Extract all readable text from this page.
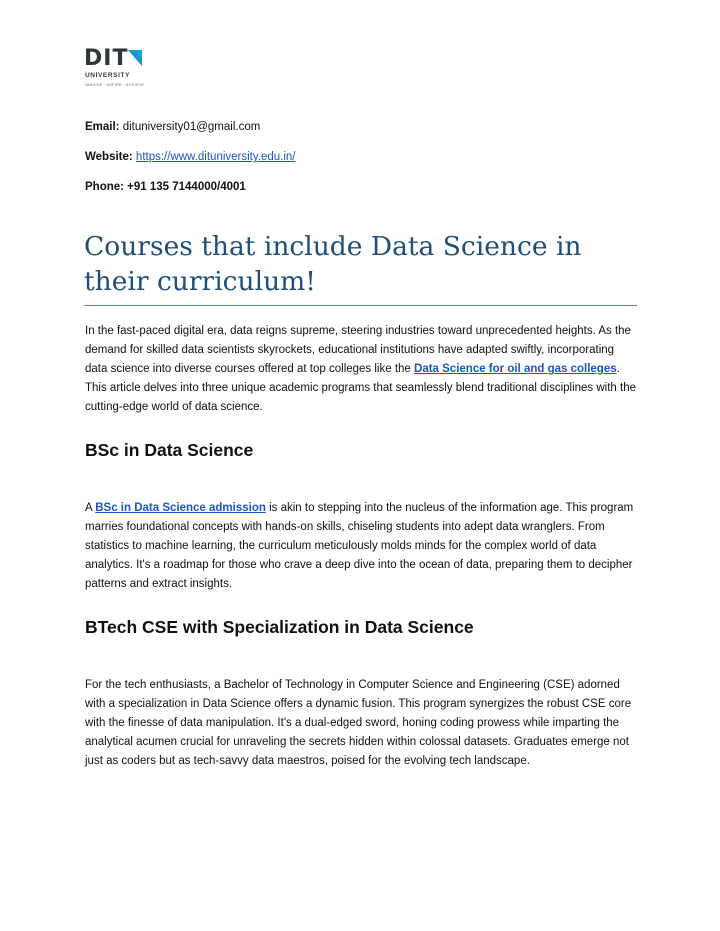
DIT
UNIVERSITY
IMAGINE · ASPIRE · ACHIEVE
Email: dituniversity01@gmail.com
Website: https://www.dituniversity.edu.in/
Phone: +91 135 7144000/4001
Courses that include Data Science in their curriculum!

In the fast-paced digital era, data reigns supreme, steering industries toward unprecedented heights. As the demand for skilled data scientists skyrockets, educational institutions have adapted swiftly, incorporating data science into diverse courses offered at top colleges like the Data Science for oil and gas colleges. This article delves into three unique academic programs that seamlessly blend traditional disciplines with the cutting-edge world of data science.

BSc in Data Science

A BSc in Data Science admission is akin to stepping into the nucleus of the information age. This program marries foundational concepts with hands-on skills, chiseling students into adept data wranglers. From statistics to machine learning, the curriculum meticulously molds minds for the complex world of data analytics. It's a roadmap for those who crave a deep dive into the ocean of data, preparing them to decipher patterns and extract insights.

BTech CSE with Specialization in Data Science

For the tech enthusiasts, a Bachelor of Technology in Computer Science and Engineering (CSE) adorned with a specialization in Data Science offers a dynamic fusion. This program synergizes the robust CSE core with the finesse of data manipulation. It's a dual-edged sword, honing coding prowess while imparting the analytical acumen crucial for unraveling the secrets hidden within colossal datasets. Graduates emerge not just as coders but as tech-savvy data maestros, poised for the evolving tech landscape.
